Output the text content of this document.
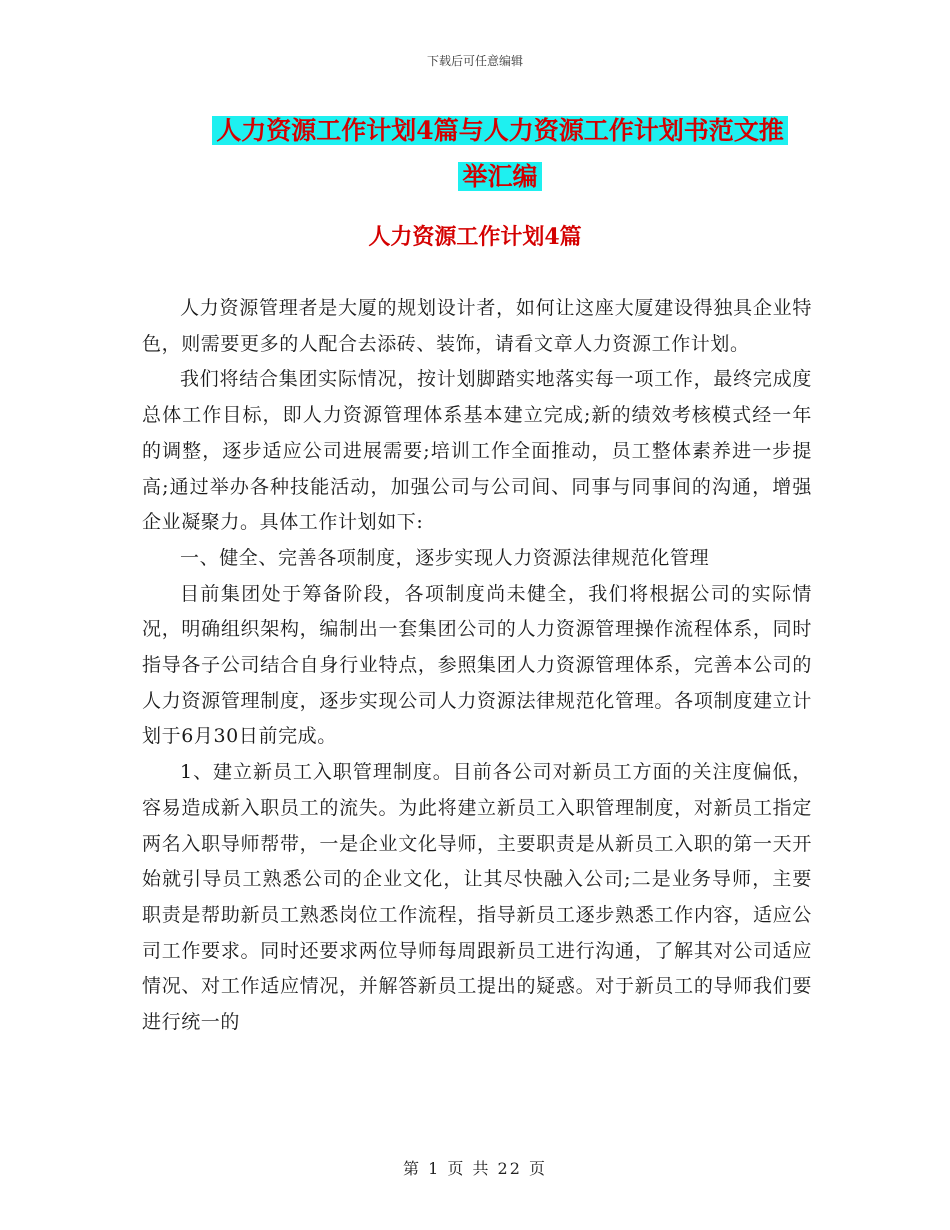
下载后可任意编辑
人力资源工作计划4篇与人力资源工作计划书范文推
举汇编
人力资源工作计划4篇

人力资源管理者是大厦的规划设计者，如何让这座大厦建设得独具企业特色，则需要更多的人配合去添砖、装饰，请看文章人力资源工作计划。

我们将结合集团实际情况，按计划脚踏实地落实每一项工作，最终完成度总体工作目标，即人力资源管理体系基本建立完成;新的绩效考核模式经一年的调整，逐步适应公司进展需要;培训工作全面推动，员工整体素养进一步提高;通过举办各种技能活动，加强公司与公司间、同事与同事间的沟通，增强企业凝聚力。具体工作计划如下:

一、健全、完善各项制度，逐步实现人力资源法律规范化管理

目前集团处于筹备阶段，各项制度尚未健全，我们将根据公司的实际情况，明确组织架构，编制出一套集团公司的人力资源管理操作流程体系，同时指导各子公司结合自身行业特点，参照集团人力资源管理体系，完善本公司的人力资源管理制度，逐步实现公司人力资源法律规范化管理。各项制度建立计划于6月30日前完成。

1、建立新员工入职管理制度。目前各公司对新员工方面的关注度偏低，容易造成新入职员工的流失。为此将建立新员工入职管理制度，对新员工指定两名入职导师帮带，一是企业文化导师，主要职责是从新员工入职的第一天开始就引导员工熟悉公司的企业文化，让其尽快融入公司;二是业务导师，主要职责是帮助新员工熟悉岗位工作流程，指导新员工逐步熟悉工作内容，适应公司工作要求。同时还要求两位导师每周跟新员工进行沟通，了解其对公司适应情况、对工作适应情况，并解答新员工提出的疑惑。对于新员工的导师我们要进行统一的

第 1 页 共 22 页
